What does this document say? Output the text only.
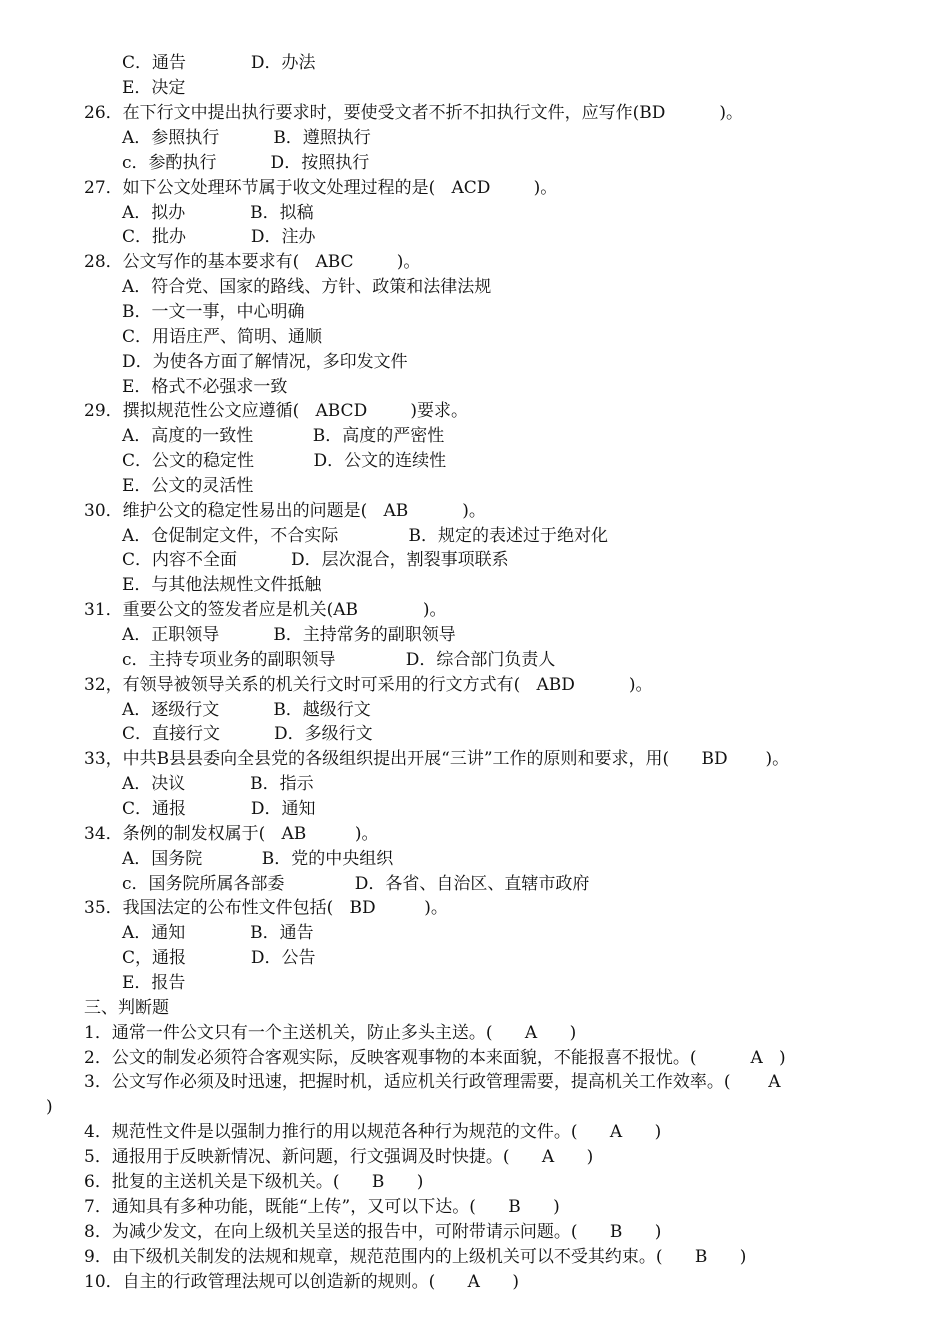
C．通告            D．办法
E．决定
26．在下行文中提出执行要求时，要使受文者不折不扣执行文件，应写作(BD          )。
A．参照执行          B．遵照执行
c．参酌执行          D．按照执行
27．如下公文处理环节属于收文处理过程的是(   ACD        )。
A．拟办            B．拟稿
C．批办            D．注办
28．公文写作的基本要求有(   ABC        )。
A．符合党、国家的路线、方针、政策和法律法规
B．一文一事，中心明确
C．用语庄严、简明、通顺
D．为使各方面了解情况，多印发文件
E．格式不必强求一致
29．撰拟规范性公文应遵循(   ABCD        )要求。
A．高度的一致性           B．高度的严密性
C．公文的稳定性           D．公文的连续性
E．公文的灵活性
30．维护公文的稳定性易出的问题是(   AB          )。
A．仓促制定文件，不合实际             B．规定的表述过于绝对化
C．内容不全面          D．层次混合，割裂事项联系
E．与其他法规性文件抵触
31．重要公文的签发者应是机关(AB            )。
A．正职领导          B．主持常务的副职领导
c．主持专项业务的副职领导             D．综合部门负责人
32，有领导被领导关系的机关行文时可采用的行文方式有(   ABD          )。
A．逐级行文          B．越级行文
C．直接行文          D．多级行文
33，中共B县县委向全县党的各级组织提出开展“三讲”工作的原则和要求，用(      BD       )。
A．决议            B．指示
C．通报            D．通知
34．条例的制发权属于(   AB         )。
A．国务院           B．党的中央组织
c．国务院所属各部委             D．各省、自治区、直辖市政府
35．我国法定的公布性文件包括(   BD         )。
A．通知            B．通告
C，通报            D．公告
E．报告
三、判断题
1．通常一件公文只有一个主送机关，防止多头主送。(      A      )
2．公文的制发必须符合客观实际，反映客观事物的本来面貌，不能报喜不报忧。(          A   )
3．公文写作必须及时迅速，把握时机，适应机关行政管理需要，提高机关工作效率。(       A
)
4．规范性文件是以强制力推行的用以规范各种行为规范的文件。(      A      )
5．通报用于反映新情况、新问题，行文强调及时快捷。(      A      )
6．批复的主送机关是下级机关。(      B      )
7．通知具有多种功能，既能“上传”，又可以下达。(      B      )
8．为减少发文，在向上级机关呈送的报告中，可附带请示问题。(      B      )
9．由下级机关制发的法规和规章，规范范围内的上级机关可以不受其约束。(      B      )
10．自主的行政管理法规可以创造新的规则。(      A      )
